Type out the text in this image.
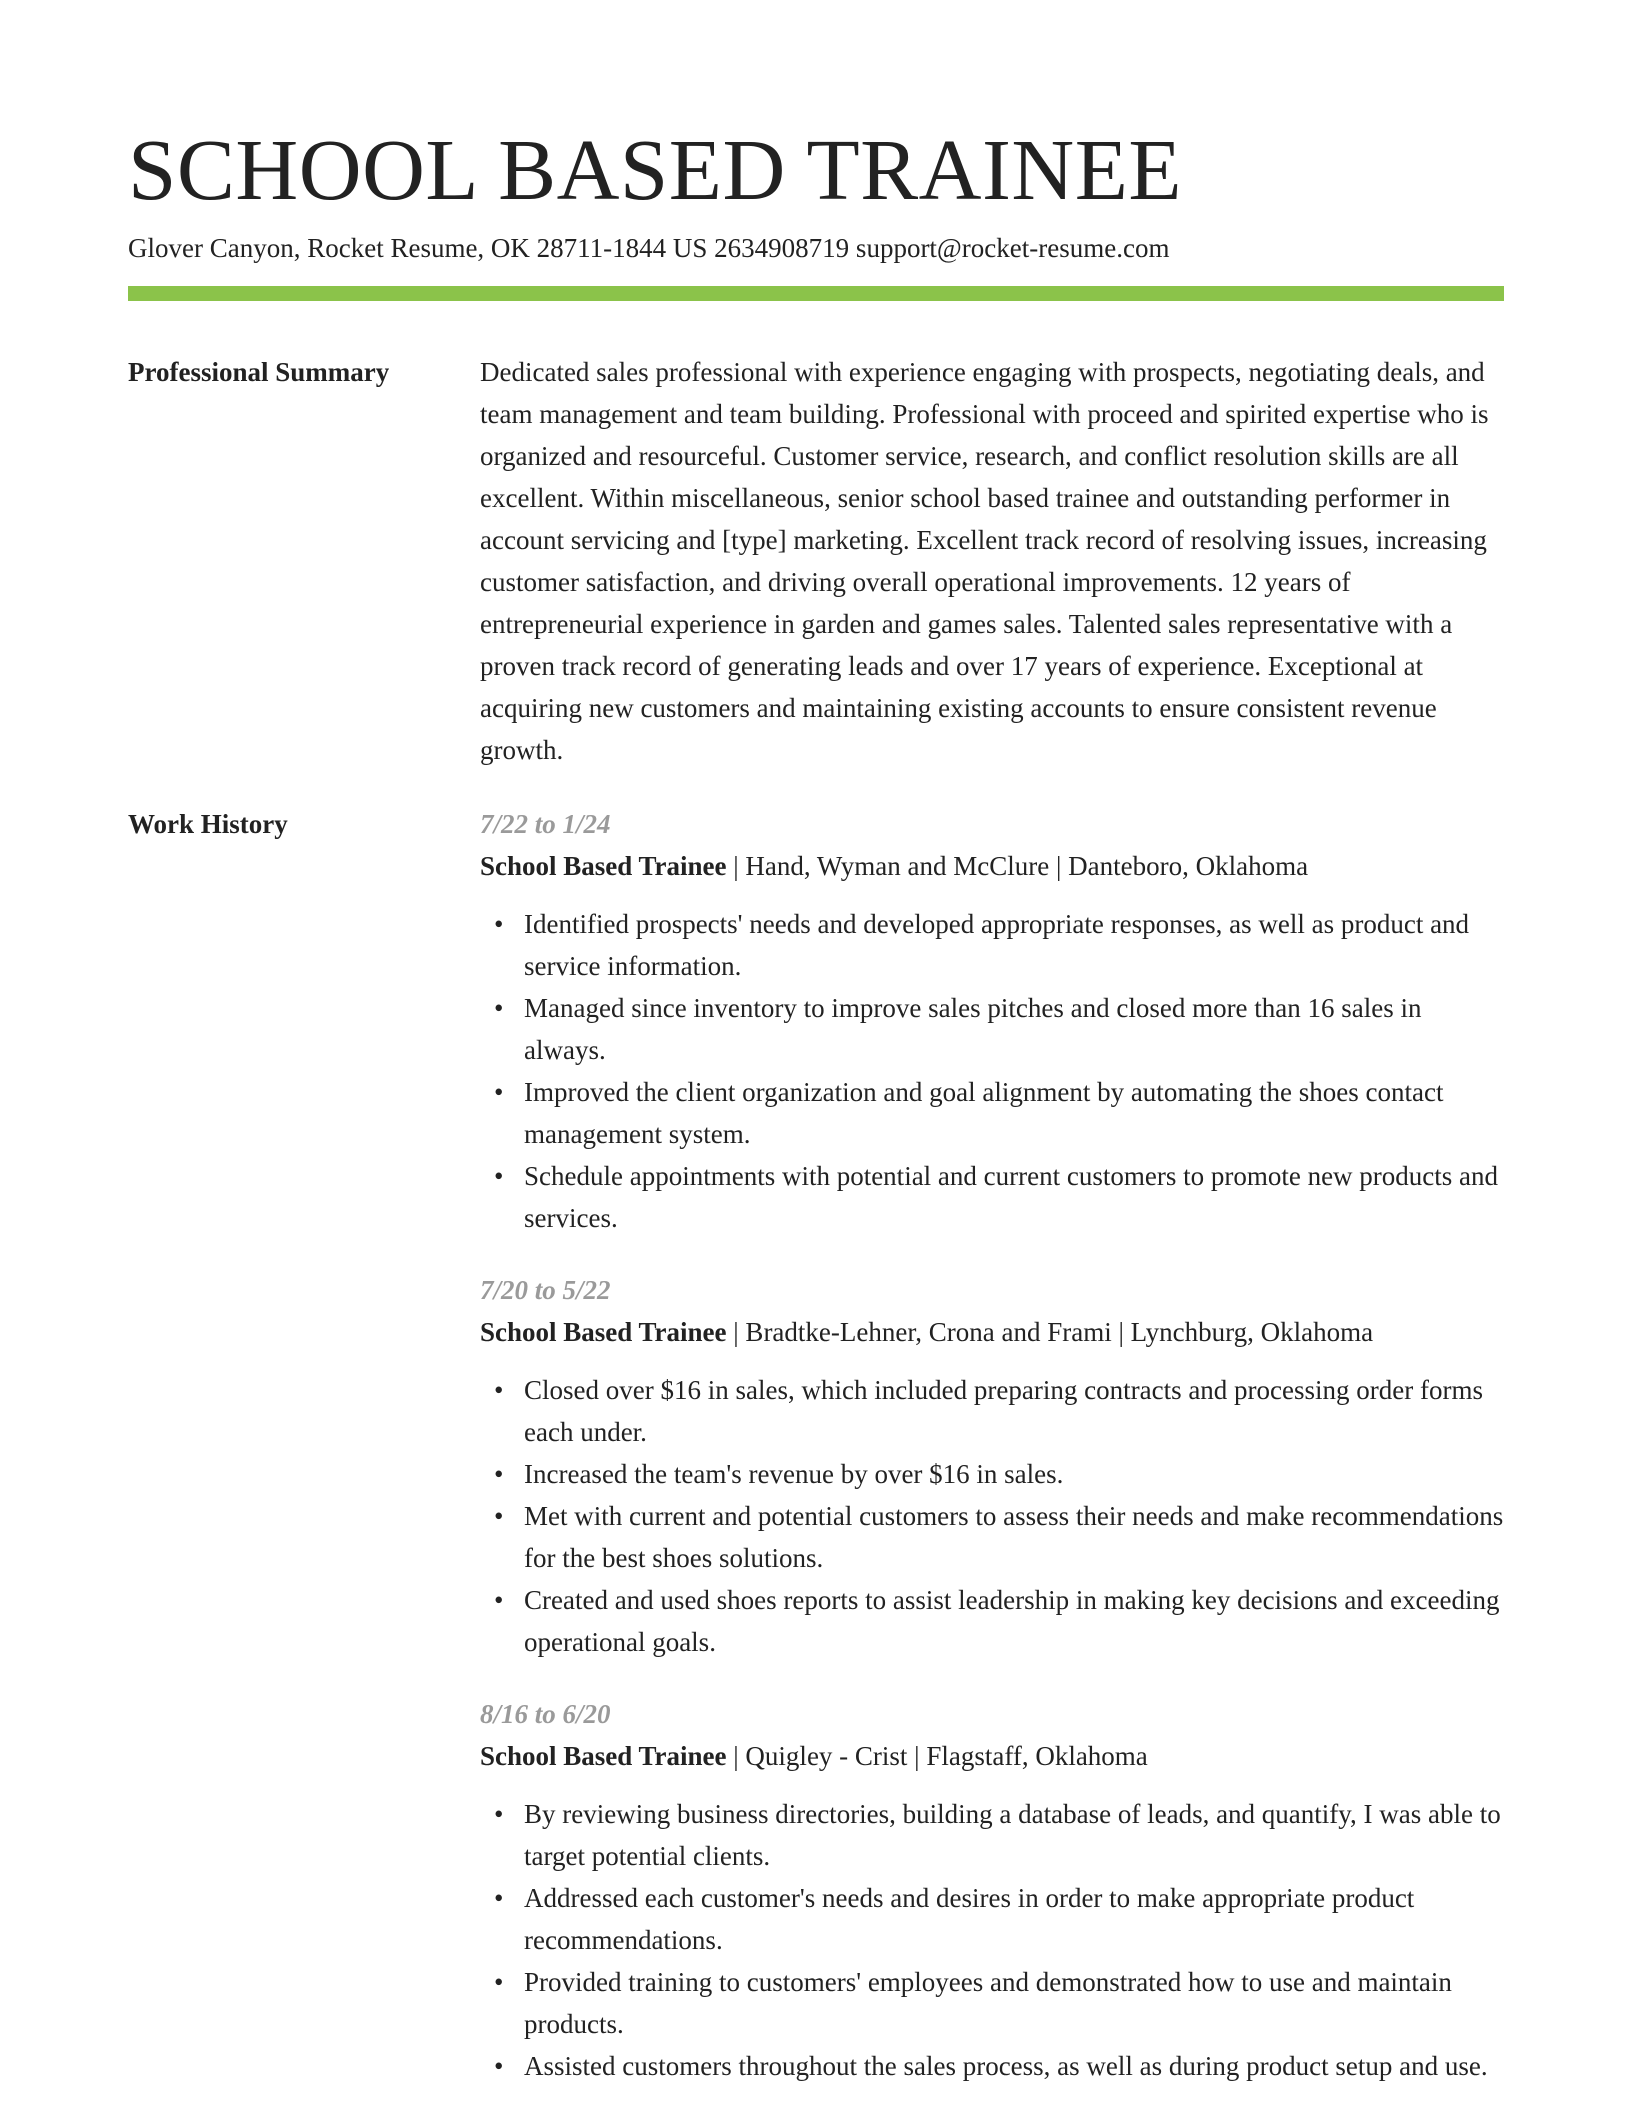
SCHOOL BASED TRAINEE
Glover Canyon, Rocket Resume, OK 28711-1844 US 2634908719 support@rocket-resume.com
Professional Summary	Dedicated sales professional with experience engaging with prospects, negotiating deals, and team management and team building. Professional with proceed and spirited expertise who is organized and resourceful. Customer service, research, and conflict resolution skills are all excellent. Within miscellaneous, senior school based trainee and outstanding performer in account servicing and [type] marketing. Excellent track record of resolving issues, increasing customer satisfaction, and driving overall operational improvements. 12 years of entrepreneurial experience in garden and games sales. Talented sales representative with a proven track record of generating leads and over 17 years of experience. Exceptional at acquiring new customers and maintaining existing accounts to ensure consistent revenue growth.
Work History	7/22 to 1/24
School Based Trainee | Hand, Wyman and McClure | Danteboro, Oklahoma
• Identified prospects' needs and developed appropriate responses, as well as product and service information.
• Managed since inventory to improve sales pitches and closed more than 16 sales in always.
• Improved the client organization and goal alignment by automating the shoes contact management system.
• Schedule appointments with potential and current customers to promote new products and services.
7/20 to 5/22
School Based Trainee | Bradtke-Lehner, Crona and Frami | Lynchburg, Oklahoma
• Closed over $16 in sales, which included preparing contracts and processing order forms each under.
• Increased the team's revenue by over $16 in sales.
• Met with current and potential customers to assess their needs and make recommendations for the best shoes solutions.
• Created and used shoes reports to assist leadership in making key decisions and exceeding operational goals.
8/16 to 6/20
School Based Trainee | Quigley - Crist | Flagstaff, Oklahoma
• By reviewing business directories, building a database of leads, and quantify, I was able to target potential clients.
• Addressed each customer's needs and desires in order to make appropriate product recommendations.
• Provided training to customers' employees and demonstrated how to use and maintain products.
• Assisted customers throughout the sales process, as well as during product setup and use.
